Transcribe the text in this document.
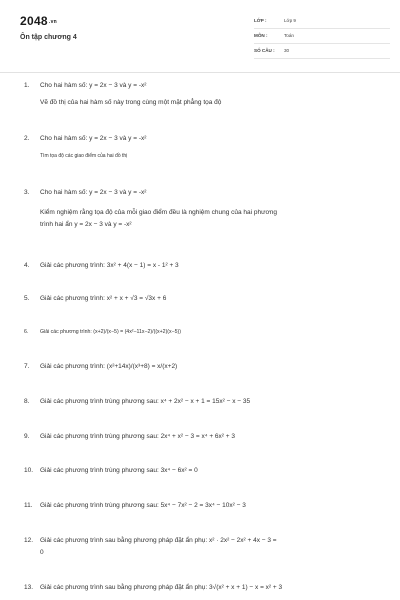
2048.vn
Ôn tập chương 4
LỚP :	Lớp 9
MÔN :	Toán
SỐ CÂU : 30
1.	Cho hai hàm số: y = 2x − 3 và y = -x²
Vẽ đồ thị của hai hàm số này trong cùng một mặt phẳng tọa độ
2.	Cho hai hàm số: y = 2x − 3 và y = -x²
Tìm tọa độ các giao điểm của hai đồ thị
3.	Cho hai hàm số: y = 2x − 3 và y = -x²
Kiểm nghiệm rằng tọa độ của mỗi giao điểm đều là nghiệm chung của hai phương
trình hai ẩn y = 2x − 3 và y = -x²
4.	Giải các phương trình: 3x² + 4(x − 1) = x - 1² + 3
5.	Giải các phương trình: x² + x + √3 = √3x + 6
6.	Giải các phương trình: (x+2)/(x−5) = (4x²−11x−2)/((x+2)(x−5))
7.	Giải các phương trình: (x²+14x)/(x³+8) = x/(x+2)
8.	Giải các phương trình trùng phương sau: x⁴ + 2x² − x + 1 = 15x² − x − 35
9.	Giải các phương trình trùng phương sau: 2x⁴ + x² − 3 = x⁴ + 6x² + 3
10.	Giải các phương trình trùng phương sau: 3x⁴ − 6x² = 0
11.	Giải các phương trình trùng phương sau: 5x⁴ − 7x² − 2 = 3x⁴ − 10x² − 3
12.	Giải các phương trình sau bằng phương pháp đặt ẩn phụ: x² · 2x² − 2x² + 4x − 3 =
0
13.	Giải các phương trình sau bằng phương pháp đặt ẩn phụ: 3√(x² + x + 1) − x = x² + 3
